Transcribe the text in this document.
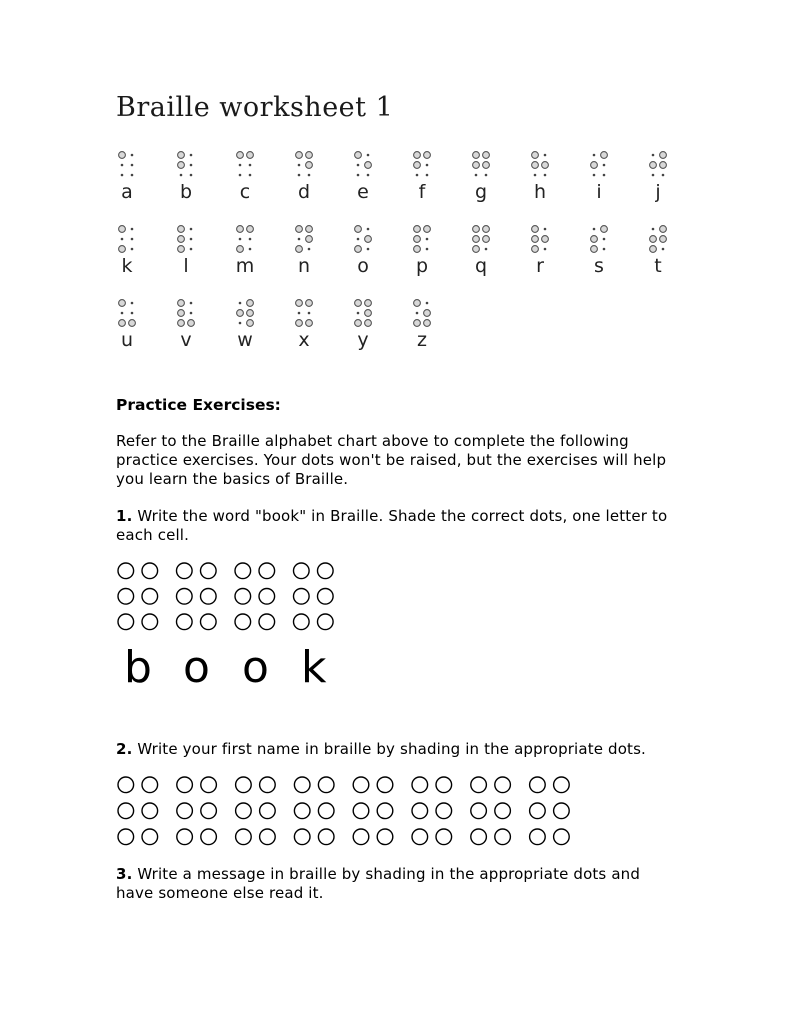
Braille worksheet 1
a	b	c	d	e	f	g	h	i	j
k	l	m	n	o	p	q	r	s	t
u	v	w	x	y	z
Practice Exercises:

Refer to the Braille alphabet chart above to complete the following practice exercises. Your dots won't be raised, but the exercises will help you learn the basics of Braille.

1. Write the word "book" in Braille. Shade the correct dots, one letter to each cell.

b o o k

2. Write your first name in braille by shading in the appropriate dots.

3. Write a message in braille by shading in the appropriate dots and have someone else read it.
